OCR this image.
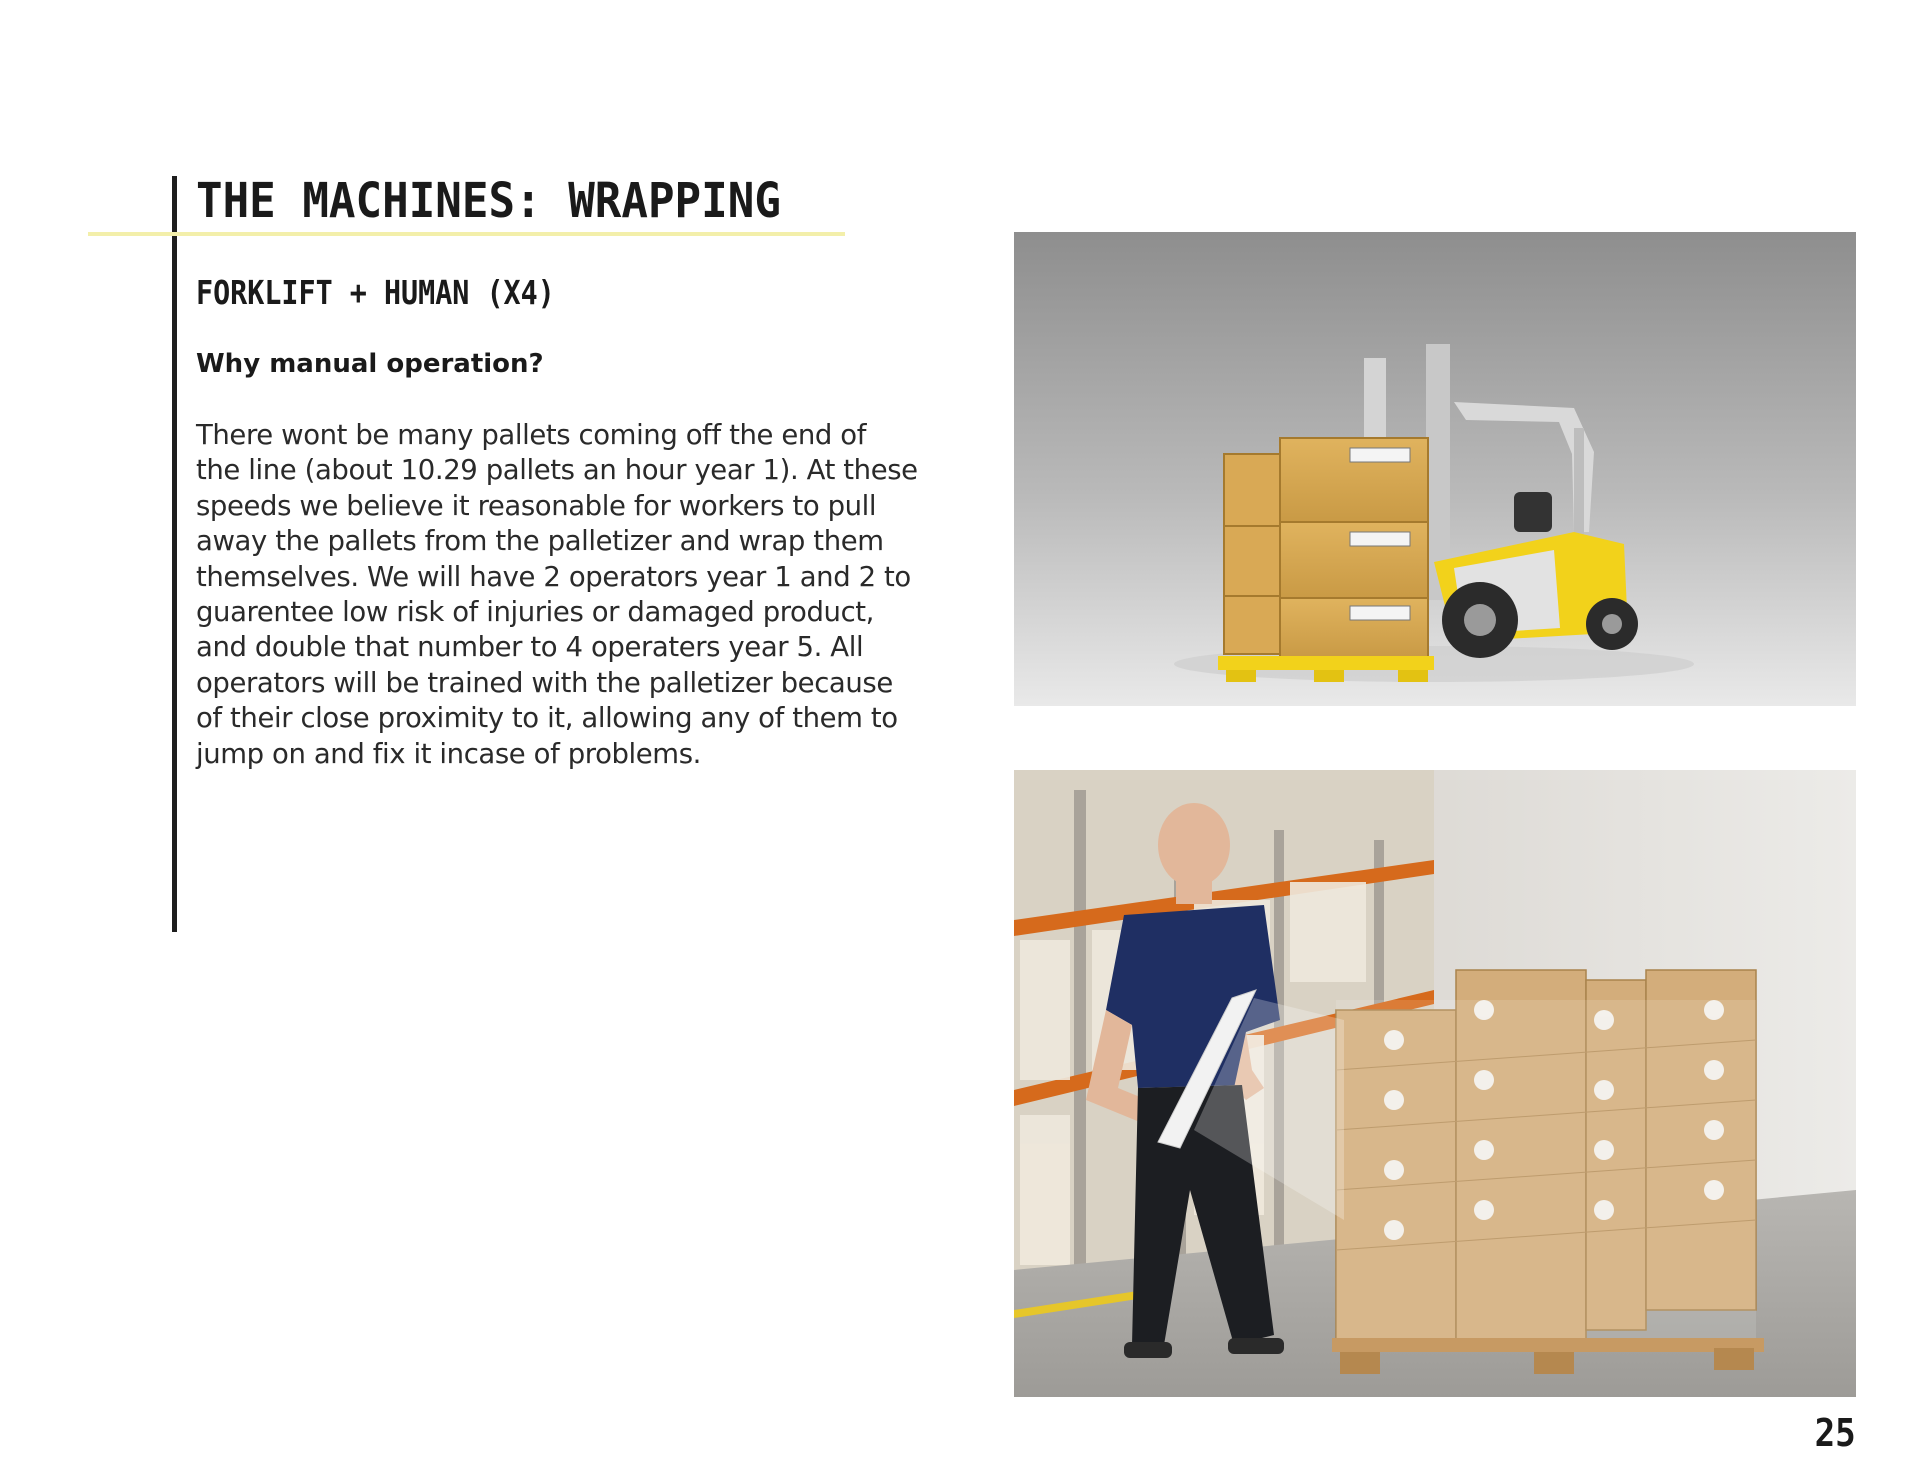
THE MACHINES: WRAPPING
FORKLIFT + HUMAN (X4)

Why manual operation?

There wont be many pallets coming off the end of
the line (about 10.29 pallets an hour year 1). At these
speeds we believe it reasonable for workers to pull
away the pallets from the palletizer and wrap them
themselves. We will have 2 operators year 1 and 2 to
guarentee low risk of injuries or damaged product,
and double that number to 4 operaters year 5. All
operators will be trained with the palletizer because
of their close proximity to it, allowing any of them to
jump on and fix it incase of problems.

25
